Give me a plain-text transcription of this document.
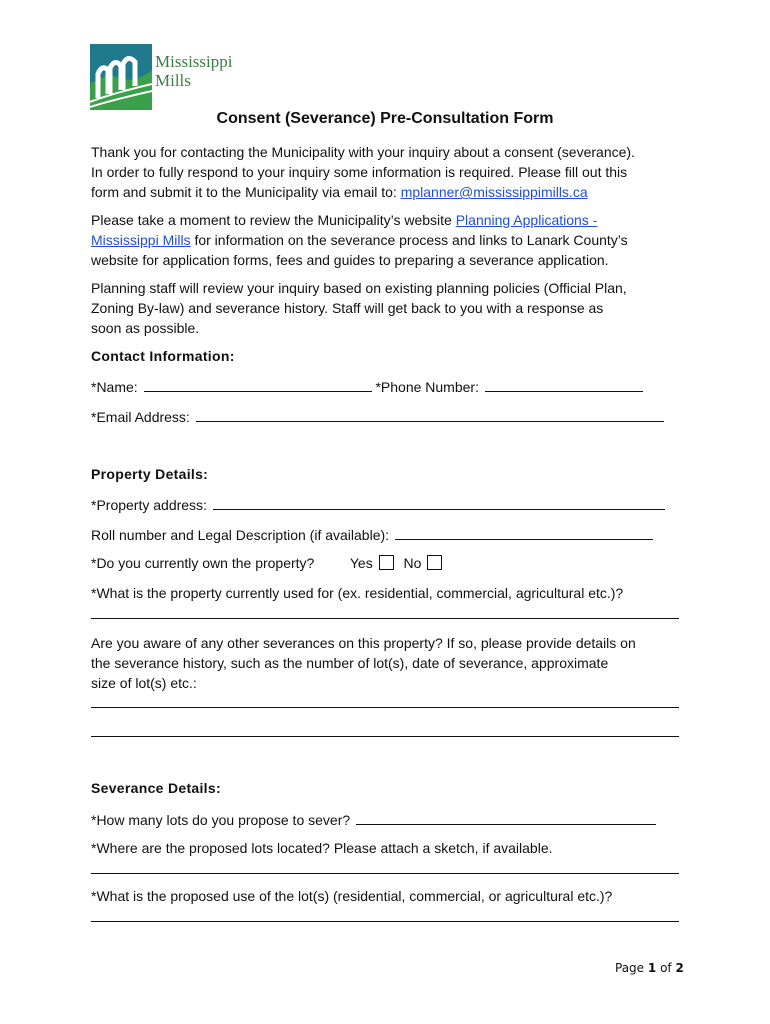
Mississippi
Mills
Consent (Severance) Pre-Consultation Form
Thank you for contacting the Municipality with your inquiry about a consent (severance).
In order to fully respond to your inquiry some information is required. Please fill out this
form and submit it to the Municipality via email to: mplanner@mississippimills.ca
Please take a moment to review the Municipality’s website Planning Applications -
Mississippi Mills for information on the severance process and links to Lanark County’s
website for application forms, fees and guides to preparing a severance application.
Planning staff will review your inquiry based on existing planning policies (Official Plan,
Zoning By-law) and severance history. Staff will get back to you with a response as
soon as possible.
Contact Information:
*Name:	*Phone Number:
*Email Address:
Property Details:
*Property address:
Roll number and Legal Description (if available):
*Do you currently own the property?	Yes No
*What is the property currently used for (ex. residential, commercial, agricultural etc.)?
Are you aware of any other severances on this property? If so, please provide details on
the severance history, such as the number of lot(s), date of severance, approximate
size of lot(s) etc.:
Severance Details:
*How many lots do you propose to sever?
*Where are the proposed lots located? Please attach a sketch, if available.
*What is the proposed use of the lot(s) (residential, commercial, or agricultural etc.)?
Page 1 of 2
